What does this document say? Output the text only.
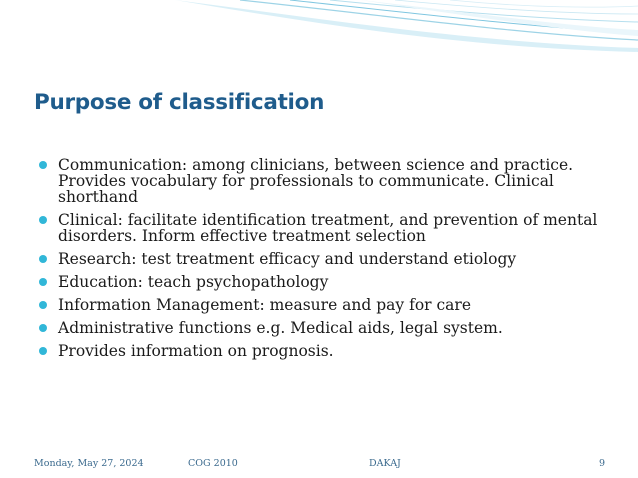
Purpose of classification
Communication: among clinicians, between science and practice. Provides vocabulary for professionals to communicate. Clinical shorthand
Clinical: facilitate identification treatment, and prevention of mental disorders. Inform effective treatment selection
Research: test treatment efficacy and understand etiology
Education: teach psychopathology
Information Management: measure and pay for care
Administrative functions e.g. Medical aids, legal system.
Provides information on prognosis.
Monday, May 27, 2024	COG 2010	DAKAJ	9
